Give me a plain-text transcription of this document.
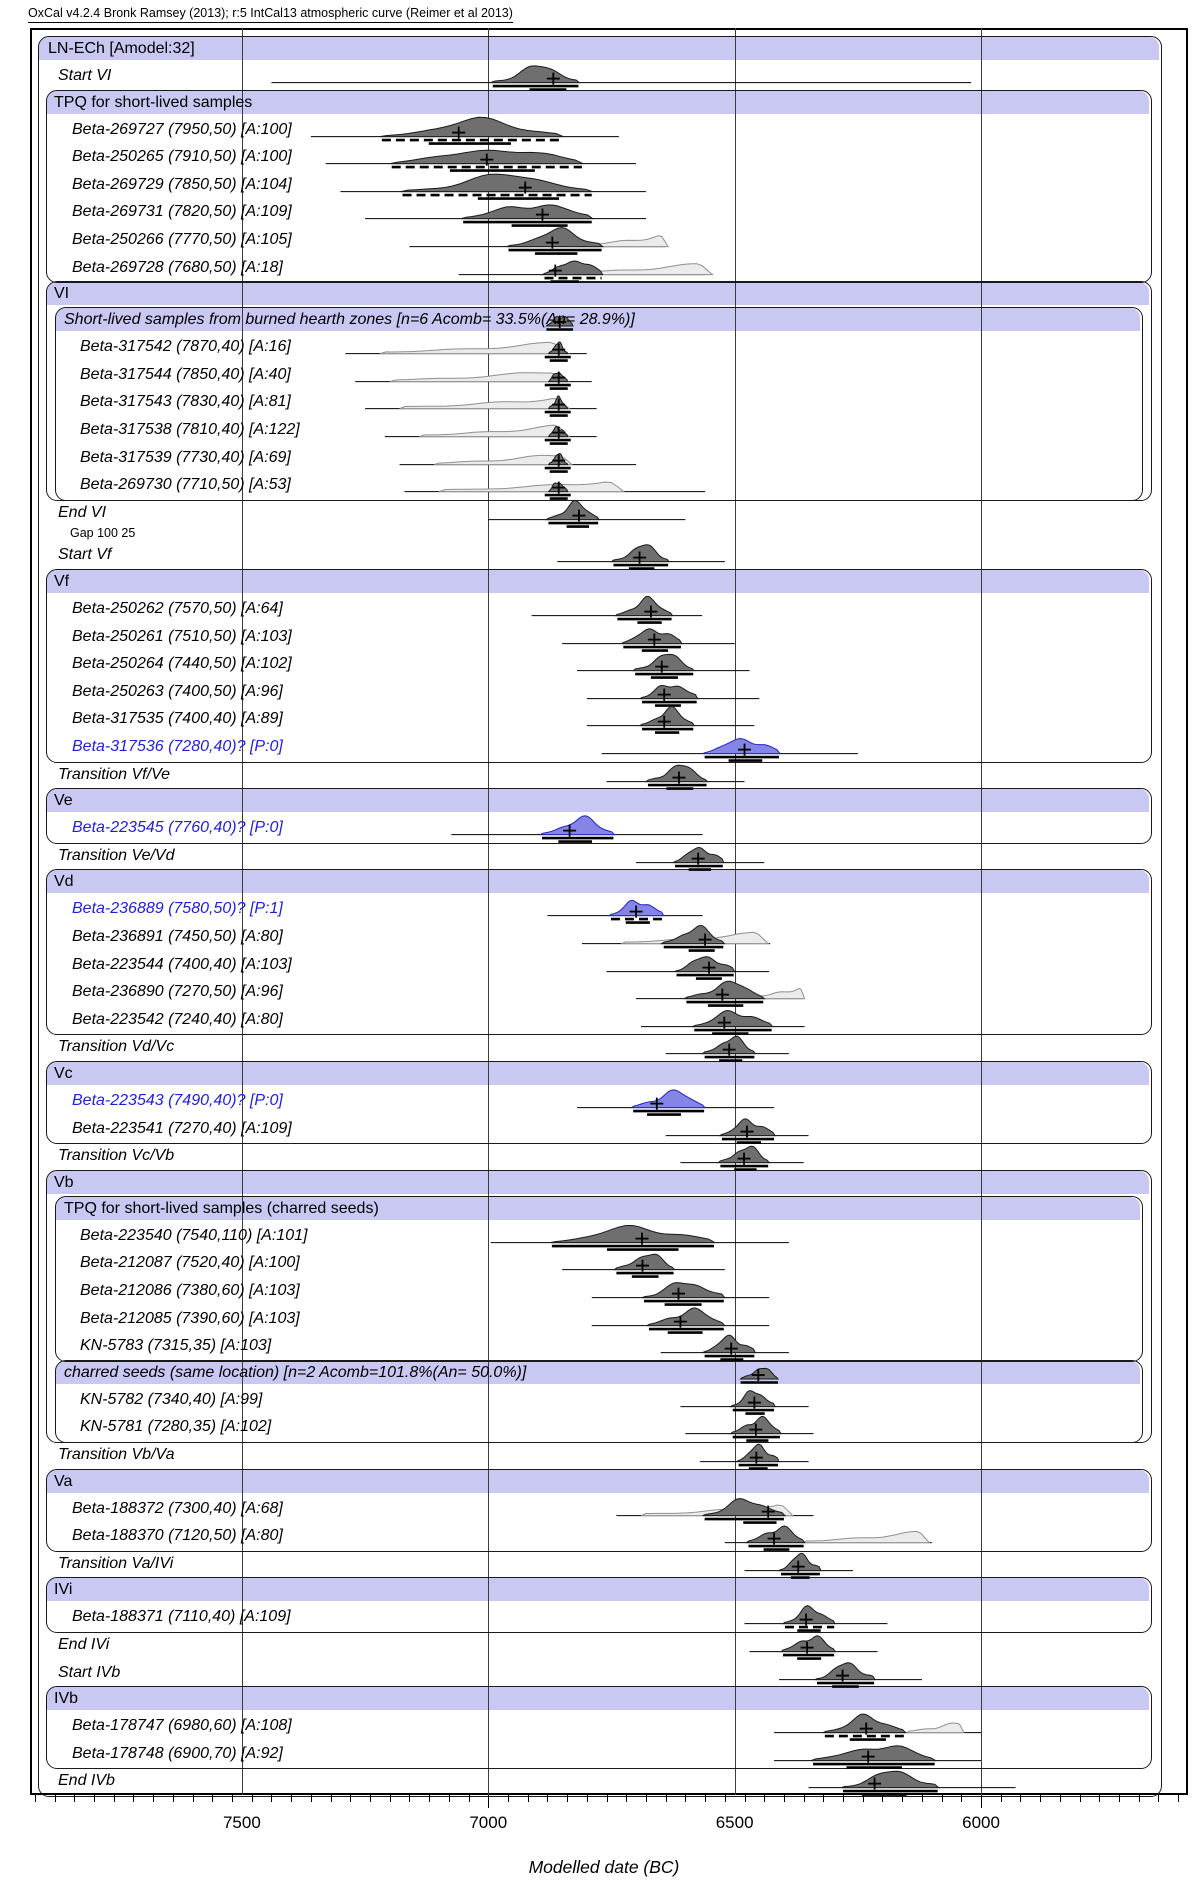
OxCal v4.2.4 Bronk Ramsey (2013); r:5 IntCal13 atmospheric curve (Reimer et al 2013)
LN-ECh [Amodel:32]
Start VI
TPQ for short-lived samples
Beta-269727 (7950,50) [A:100]
Beta-250265 (7910,50) [A:100]
Beta-269729 (7850,50) [A:104]
Beta-269731 (7820,50) [A:109]
Beta-250266 (7770,50) [A:105]
Beta-269728 (7680,50) [A:18]
VI
Short-lived samples from burned hearth zones [n=6 Acomb= 33.5%(An= 28.9%)]
Beta-317542 (7870,40) [A:16]
Beta-317544 (7850,40) [A:40]
Beta-317543 (7830,40) [A:81]
Beta-317538 (7810,40) [A:122]
Beta-317539 (7730,40) [A:69]
Beta-269730 (7710,50) [A:53]
End VI
Gap 100 25
Start Vf
Vf
Beta-250262 (7570,50) [A:64]
Beta-250261 (7510,50) [A:103]
Beta-250264 (7440,50) [A:102]
Beta-250263 (7400,50) [A:96]
Beta-317535 (7400,40) [A:89]
Beta-317536 (7280,40)? [P:0]
Transition Vf/Ve
Ve
Beta-223545 (7760,40)? [P:0]
Transition Ve/Vd
Vd
Beta-236889 (7580,50)? [P:1]
Beta-236891 (7450,50) [A:80]
Beta-223544 (7400,40) [A:103]
Beta-236890 (7270,50) [A:96]
Beta-223542 (7240,40) [A:80]
Transition Vd/Vc
Vc
Beta-223543 (7490,40)? [P:0]
Beta-223541 (7270,40) [A:109]
Transition Vc/Vb
Vb
TPQ for short-lived samples (charred seeds)
Beta-223540 (7540,110) [A:101]
Beta-212087 (7520,40) [A:100]
Beta-212086 (7380,60) [A:103]
Beta-212085 (7390,60) [A:103]
KN-5783 (7315,35) [A:103]
charred seeds (same location) [n=2 Acomb=101.8%(An= 50.0%)]
KN-5782 (7340,40) [A:99]
KN-5781 (7280,35) [A:102]
Transition Vb/Va
Va
Beta-188372 (7300,40) [A:68]
Beta-188370 (7120,50) [A:80]
Transition Va/IVi
IVi
Beta-188371 (7110,40) [A:109]
End IVi
Start IVb
IVb
Beta-178747 (6980,60) [A:108]
Beta-178748 (6900,70) [A:92]
End IVb
7500	7000	6500	6000
Modelled date (BC)
